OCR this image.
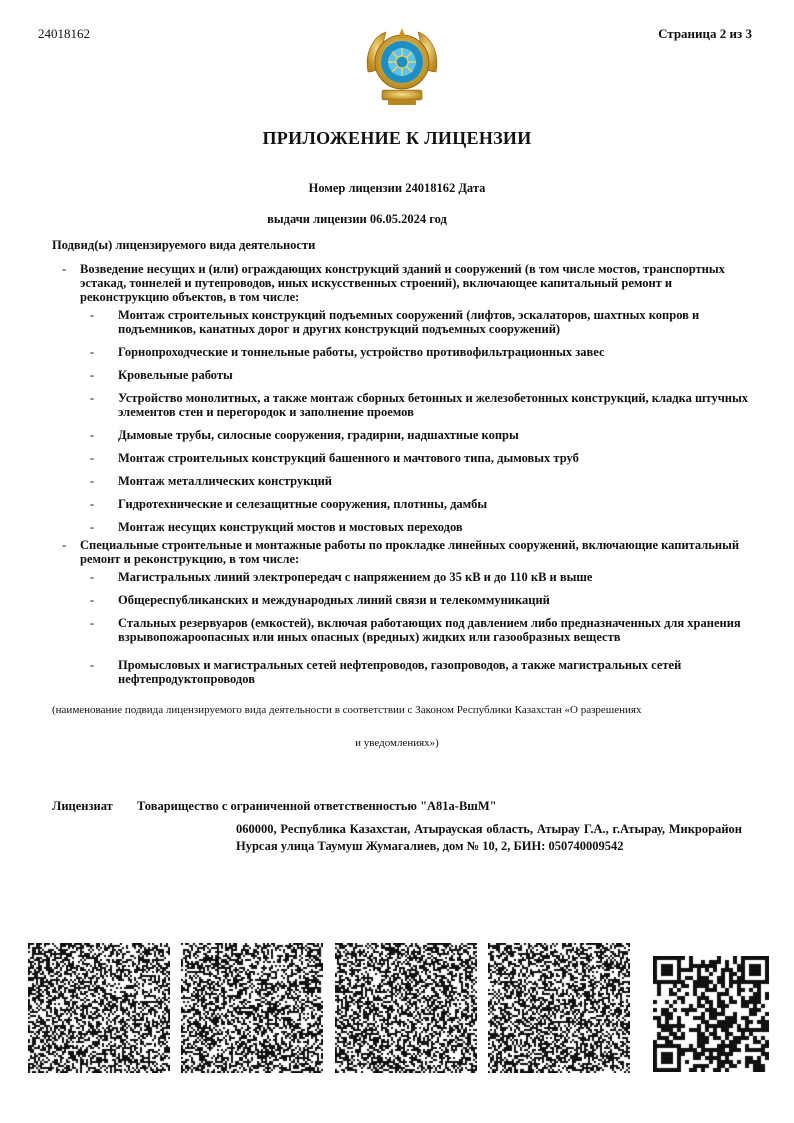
24018162	Страница 2 из 3
ПРИЛОЖЕНИЕ К ЛИЦЕНЗИИ
Номер лицензии 24018162 Дата
выдачи лицензии 06.05.2024 год
Подвид(ы) лицензируемого вида деятельности
-	Возведение несущих и (или) ограждающих конструкций зданий и сооружений (в том числе мостов, транспортных эстакад, тоннелей и путепроводов, иных искусственных строений), включающее капитальный ремонт и реконструкцию объектов, в том числе:
-	Монтаж строительных конструкций подъемных сооружений (лифтов, эскалаторов, шахтных копров и подъемников, канатных дорог и других конструкций подъемных сооружений)
-	Горнопроходческие и тоннельные работы, устройство противофильтрационных завес
-	Кровельные работы
-	Устройство монолитных, а также монтаж сборных бетонных и железобетонных конструкций, кладка штучных элементов стен и перегородок и заполнение проемов
-	Дымовые трубы, силосные сооружения, градирни, надшахтные копры
-	Монтаж строительных конструкций башенного и мачтового типа, дымовых труб
-	Монтаж металлических конструкций
-	Гидротехнические и селезащитные сооружения, плотины, дамбы
-	Монтаж несущих конструкций мостов и мостовых переходов
-	Специальные строительные и монтажные работы по прокладке линейных сооружений, включающие капитальный ремонт и реконструкцию, в том числе:
-	Магистральных линий электропередач с напряжением до 35 кВ и до 110 кВ и выше
-	Общереспубликанских и международных линий связи и телекоммуникаций
-	Стальных резервуаров (емкостей), включая работающих под давлением либо предназначенных для хранения взрывопожароопасных или иных опасных (вредных) жидких или газообразных веществ
-	Промысловых и магистральных сетей нефтепроводов, газопроводов, а также магистральных сетей нефтепродуктопроводов
(наименование подвида лицензируемого вида деятельности в соответствии с Законом Республики Казахстан «О разрешениях
и уведомлениях»)
Лицензиат Товарищество с ограниченной ответственностью "A81a-ВшМ"
060000, Республика Казахстан, Атырауская область, Атырау Г.А., г.Атырау, Микрорайон Нурсая улица Таумуш Жумагалиев, дом № 10, 2, БИН: 050740009542
